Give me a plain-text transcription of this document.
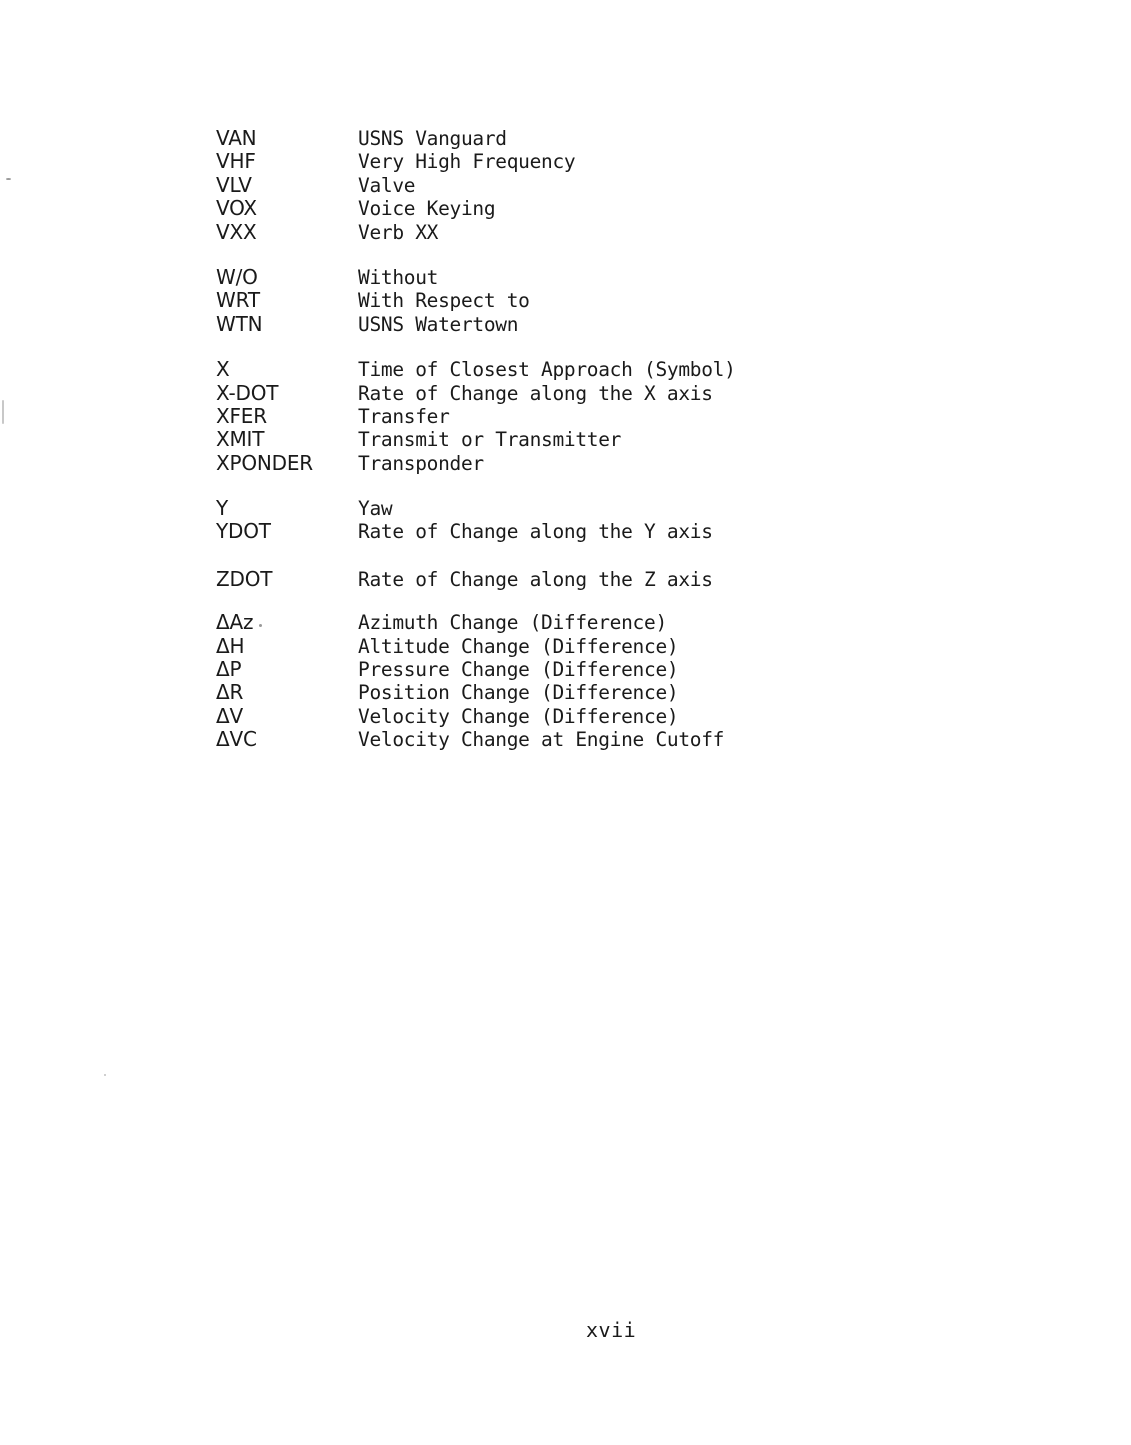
VAN	USNS Vanguard
VHF	Very High Frequency
VLV	Valve
VOX	Voice Keying
VXX	Verb XX
W/O	Without
WRT	With Respect to
WTN	USNS Watertown
X	Time of Closest Approach (Symbol)
X-DOT	Rate of Change along the X axis
XFER	Transfer
XMIT	Transmit or Transmitter
XPONDER Transponder
Y	Yaw
YDOT	Rate of Change along the Y axis
ZDOT	Rate of Change along the Z axis
ΔAz	Azimuth Change (Difference)
ΔH	Altitude Change (Difference)
ΔP	Pressure Change (Difference)
ΔR	Position Change (Difference)
ΔV	Velocity Change (Difference)
ΔVC	Velocity Change at Engine Cutoff
xvii
